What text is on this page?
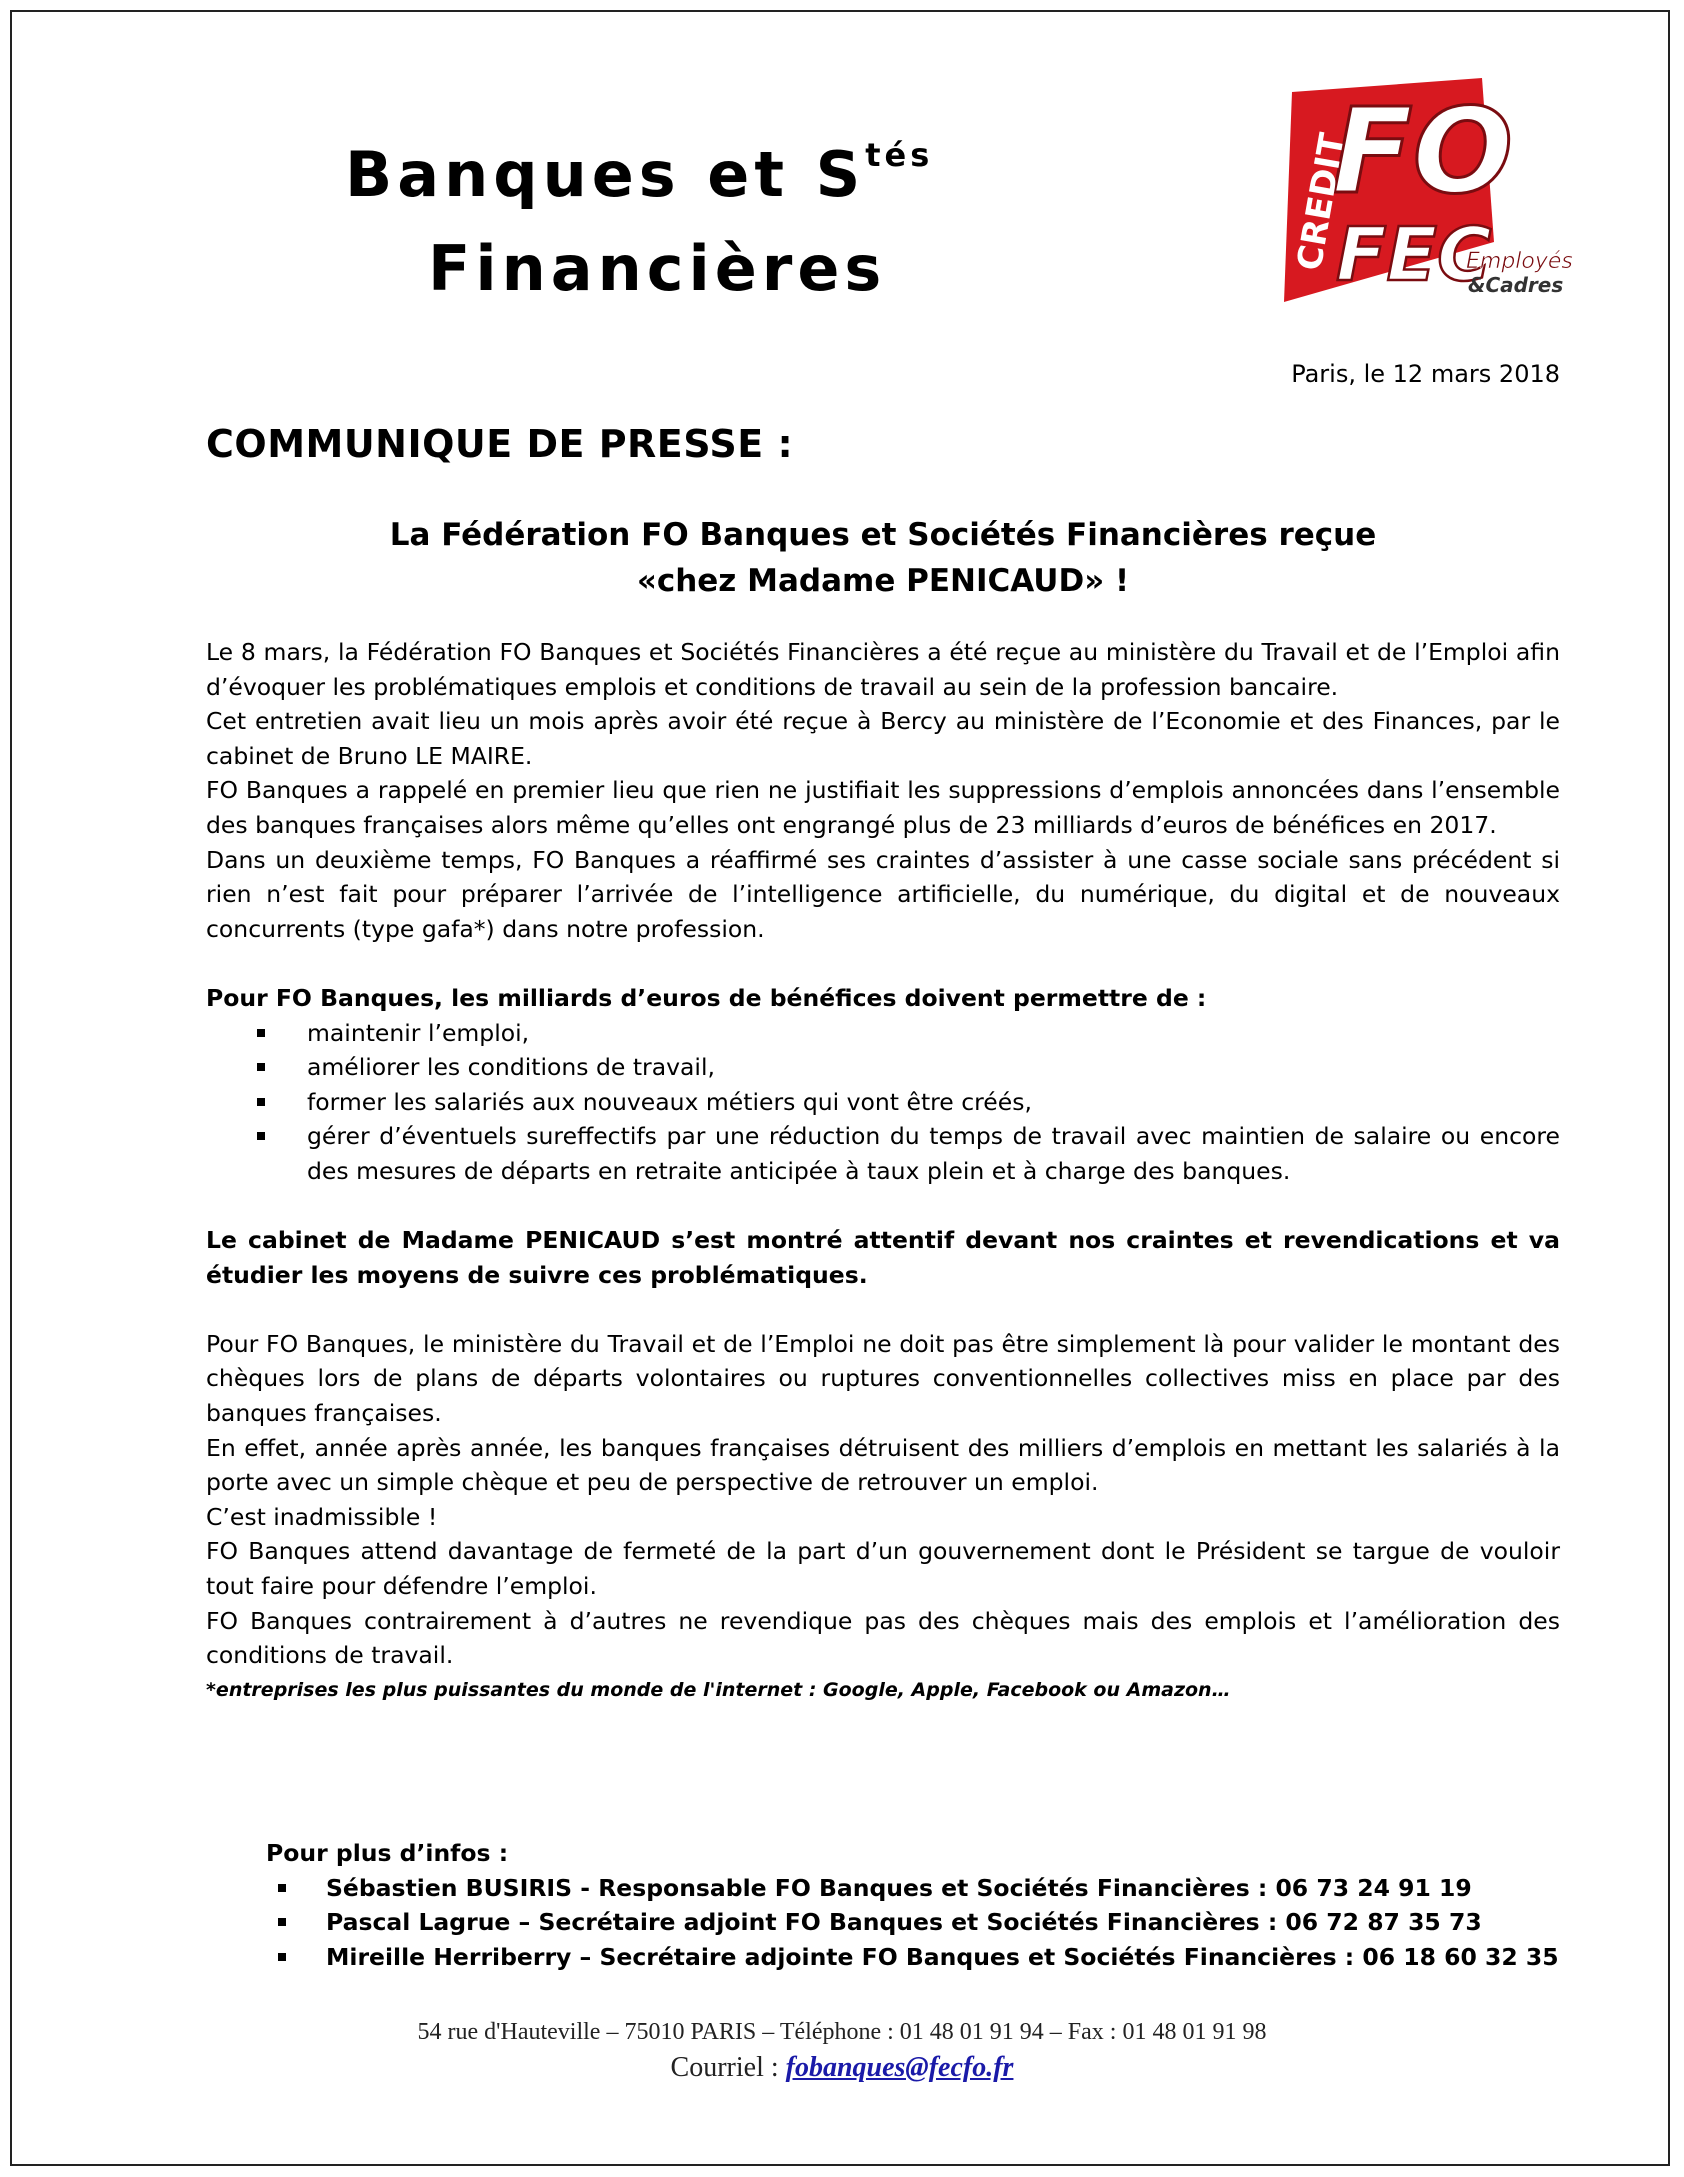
Banques et $S^{tés}$
Financières
FO
FEC
CREDIT	Employés
&Cadres
Paris, le 12 mars 2018
COMMUNIQUE DE PRESSE :
La Fédération FO Banques et Sociétés Financières reçue
«chez Madame PENICAUD» !

Le 8 mars, la Fédération FO Banques et Sociétés Financières a été reçue au ministère du Travail et de l’Emploi afin d’évoquer les problématiques emplois et conditions de travail au sein de la profession bancaire.

Cet entretien avait lieu un mois après avoir été reçue à Bercy au ministère de l’Economie et des Finances, par le cabinet de Bruno LE MAIRE.

FO Banques a rappelé en premier lieu que rien ne justifiait les suppressions d’emplois annoncées dans l’ensemble des banques françaises alors même qu’elles ont engrangé plus de 23 milliards d’euros de bénéfices en 2017.

Dans un deuxième temps, FO Banques a réaffirmé ses craintes d’assister à une casse sociale sans précédent si rien n’est fait pour préparer l’arrivée de l’intelligence artificielle, du numérique, du digital et de nouveaux concurrents (type gafa*) dans notre profession.

Pour FO Banques, les milliards d’euros de bénéfices doivent permettre de :

maintenir l’emploi,
améliorer les conditions de travail,
former les salariés aux nouveaux métiers qui vont être créés,
gérer d’éventuels sureffectifs par une réduction du temps de travail avec maintien de salaire ou encore des mesures de départs en retraite anticipée à taux plein et à charge des banques.

Le cabinet de Madame PENICAUD s’est montré attentif devant nos craintes et revendications et va étudier les moyens de suivre ces problématiques.

Pour FO Banques, le ministère du Travail et de l’Emploi ne doit pas être simplement là pour valider le montant des chèques lors de plans de départs volontaires ou ruptures conventionnelles collectives miss en place par des banques françaises.

En effet, année après année, les banques françaises détruisent des milliers d’emplois en mettant les salariés à la porte avec un simple chèque et peu de perspective de retrouver un emploi.

C’est inadmissible !

FO Banques attend davantage de fermeté de la part d’un gouvernement dont le Président se targue de vouloir tout faire pour défendre l’emploi.

FO Banques contrairement à d’autres ne revendique pas des chèques mais des emplois et l’amélioration des conditions de travail.

*entreprises les plus puissantes du monde de l'internet : Google, Apple, Facebook ou Amazon…

Pour plus d’infos :
Sébastien BUSIRIS - Responsable FO Banques et Sociétés Financières : 06 73 24 91 19
Pascal Lagrue – Secrétaire adjoint FO Banques et Sociétés Financières : 06 72 87 35 73
Mireille Herriberry – Secrétaire adjointe FO Banques et Sociétés Financières : 06 18 60 32 35
54 rue d'Hauteville – 75010 PARIS – Téléphone : 01 48 01 91 94 – Fax : 01 48 01 91 98
Courriel : fobanques@fecfo.fr
